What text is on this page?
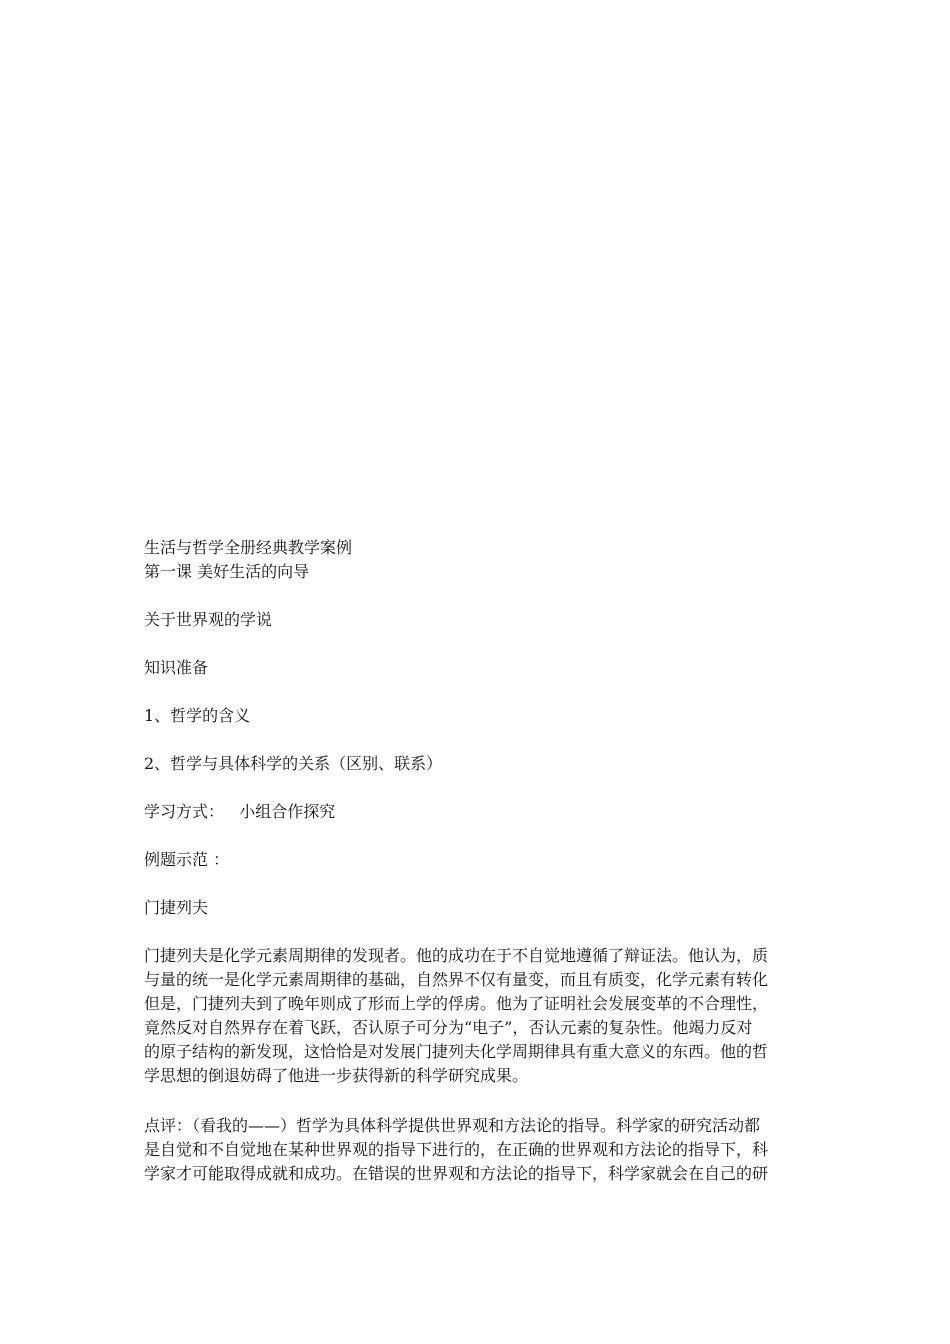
生活与哲学全册经典教学案例

第一课 美好生活的向导

关于世界观的学说

知识准备

1、哲学的含义

2、哲学与具体科学的关系（区别、联系）

学习方式：   小组合作探究

例题示范 ：

门捷列夫

门捷列夫是化学元素周期律的发现者。他的成功在于不自觉地遵循了辩证法。他认为，质

与量的统一是化学元素周期律的基础，自然界不仅有量变，而且有质变，化学元素有转化

但是，门捷列夫到了晚年则成了形而上学的俘虏。他为了证明社会发展变革的不合理性，

竟然反对自然界存在着飞跃，否认原子可分为“电子”，否认元素的复杂性。他竭力反对

的原子结构的新发现，这恰恰是对发展门捷列夫化学周期律具有重大意义的东西。他的哲

学思想的倒退妨碍了他进一步获得新的科学研究成果。

点评：（看我的——）哲学为具体科学提供世界观和方法论的指导。科学家的研究活动都

是自觉和不自觉地在某种世界观的指导下进行的，在正确的世界观和方法论的指导下，科

学家才可能取得成就和成功。在错误的世界观和方法论的指导下，科学家就会在自己的研
